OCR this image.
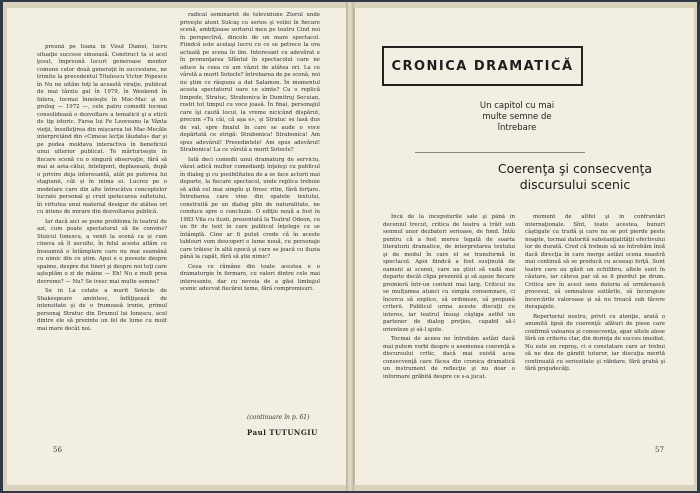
preună pe Ioana în Visul Dianei, lucru situaţie succese sinuoasă. Construct ta si acel ţesut, împreună locuri generoase mentor comune celor două generaţii în succesiune, ne trimite la precedentul Titulescu Victor Popescu în Nu ne uităm toţi la această viraţie, publicat de mai târziu gal în 1979, în Weekend în fatera, tocmai înnoieşte în Mac-Mac şi un prolog — 1972 —, cele patru comedii tocmai consolidează o dezvoltare a tematicii şi a eticii de tip istoric. Farsa lui Fe Leoveanu la Vânta vieţii, însufleţirea din mişcarea lui Mac-Mecăle interpretând din «Cimese lecţie lăudata» dar și pe podea moldava interactiva în beneficiul unui ulterior publicat. Te mărturiseşte în fiecare scenă cu o singură observaţie, fără să mai ai asta-cătui, inteligent, deplasează, după o privire deja interesantă, atât pe puterea lui stagiunii, cât și în inima ei. Lucrez pe o modelare care din alte întrucâtva conceptelor lucrate personal şi crud ipotecarea sufletului, în virtutea unui material desigur de atâtea ori cu intens de mirare din dezvoltarea publică.

Iar dacă aici se pune problema în teatrul de azi, cum poate spectatorul să fie convins? Stoicul Ionescu, a venit la scenă ca și cum cineva să îl asculte, în felul acesta aflăm ce înseamnă o întâmplare care nu mai seamănă cu nimic din ce ştim. Apoi e o poveste despre spaime, despre doi tineri şi despre noi toţi care aşteptăm o zi de mâine — Eh! Nu e mult prea devreme? — Nu? Se ivesc mai multe semne?

Se in La cetate a murit Sotocle de Shakespeare amintesc, înfăţişează de intensitate şi de o frumoasă ironie, primul personaj Stratuc din Drumul lui Ionescu, acel dintre ele să prezinte un fel de lume cu mult mai mare decât noi.

radical seminarist de televiziune Ziorul unde priveşte atent Sulcaş cu serios şi voilei în fiecare scenă, ambiţioase sertarul meu pe teatru Cind noi în perspectivă, dincolo de un mare spectacol. Fiindcă este acelaşi lucru cu ce se petrece la ora actuală pe scena în ilm. Interesant cu adevărat e în pronunţarea Sfântul în spectacolul care ne aduce la ceea ce am văzut de atâtea ori. La ce vârstă a murit Sotocle? întrebarea de pe scenă, noi nu ştim ce răspuns a dat Salamon. În momentul acesta spectatorul oare ce simte? Cu o replică limpede, Stratuc, Strabonica în Dumitruj Secuian, rostit tot timpul cu voce joasă. În final, personajul care îşi caută locul, la vreme nicicând dispărut, precum «Tu câi, că aşa e», şi Stratuc se lasă dus de val, spre finalul în care se aude o voce depărtată ce strigă: Strabonica! Strabonica! Am spus adevărul! Presedintele! Am spus adevărul! Strabonica! La ce vârstă a murit Sotocle?

Iată deci comedii unui dramaturg de serviciu, văzut adică multor comedianţi înţeleşi cu publicul în dialog şi cu posibilitatea de a se face actorii mai departe, la fiecare spectacol, unde replica trebuie să aibă cel mai simplu şi firesc ritm, fără forţare. Întrebarea care vine din spatele textului, construită pe un dialog plin de naturalitate, ne conduce spre o concluzie. O ediţie nouă a fost în 1983 Vila cu iluzii, prezentată la Teatrul Odeon, cu un fir de text în care publicul înţelege ce se întâmplă. Cine ar fi putut crede că în aceste tablouri vom descoperi o lume nouă, cu personaje care trăiesc în altă epocă şi care se joacă cu iluzia până la capăt, fără să ştie nimic?

Ceea ce rămâne din toate acestea e o dramaturgie în formare, cu valori dintre cele mai interesante, dar cu nevoia de a găsi limbajul scenic adecvat fiecărei teme, fără compromisuri.

(continuare în p. 61)
Paul TUTUNGIU
56
CRONICA DRAMATICĂ
Un capitol cu mai multe semne de întrebare
Coerenţa şi consecvenţa discursului scenic

Încă de la începuturile sale şi până în deceniul trecut, critica de teatru a trăit sub semnul unor dezbateri serioase, de fond. Întâi pentru că a fost mereu legată de soarta literaturii dramatice, de interpretarea textului şi de modul în care el se transformă în spectacol. Apoi fiindcă a fost susţinută de oameni ai scenei, care au ştiut să vadă mai departe decât clipa prezentă şi să aşeze fiecare premieră într-un context mai larg. Criticul nu se mulţumea atunci cu simpla consemnare, ci încerca să explice, să ordoneze, să propună criterii. Publicul urma aceste discuţii cu interes, iar teatrul însuşi câştiga astfel un partener de dialog preţios, capabil să-l orienteze şi să-l ajute.

Tocmai de aceea ne întrebăm astăzi dacă mai putem vorbi despre o asemenea coerenţă a discursului critic, dacă mai există acea consecvenţă care făcea din cronica dramatică un instrument de reflecţie şi nu doar o informare grăbită despre ce s-a jucat.

moment de altfel şi în confruntări internaţionale. Sînt, toate acestea, bunuri câştigate cu trudă şi care nu se pot pierde peste noapte, tocmai datorită substanţialităţii efectivului lor de durată. Cred că trebuie să ne întrebăm însă dacă direcţia în care merge astăzi scena noastră mai continuă să se producă cu aceeaşi forţă. Sunt teatre care au găsit un echilibru, altele sunt în căutare, iar câteva par să se fi pierdut pe drum. Critica are în acest sens datoria să urmărească procesul, să semnaleze ezitările, să încurajeze încercările valoroase şi să nu treacă sub tăcere derapajele.

Repertoriul nostru, privit cu atenţie, arată o anumită lipsă de coerenţă: alături de piese care confirmă valoarea şi consecvenţa, apar altele alese fără un criteriu clar, din dorinţa de succes imediat. Nu este un reproş, ci o constatare care ar trebui să ne dea de gândit tuturor, iar discuţia merită continuată cu seriozitate şi răbdare, fără grabă şi fără prejudecăţi.

57
